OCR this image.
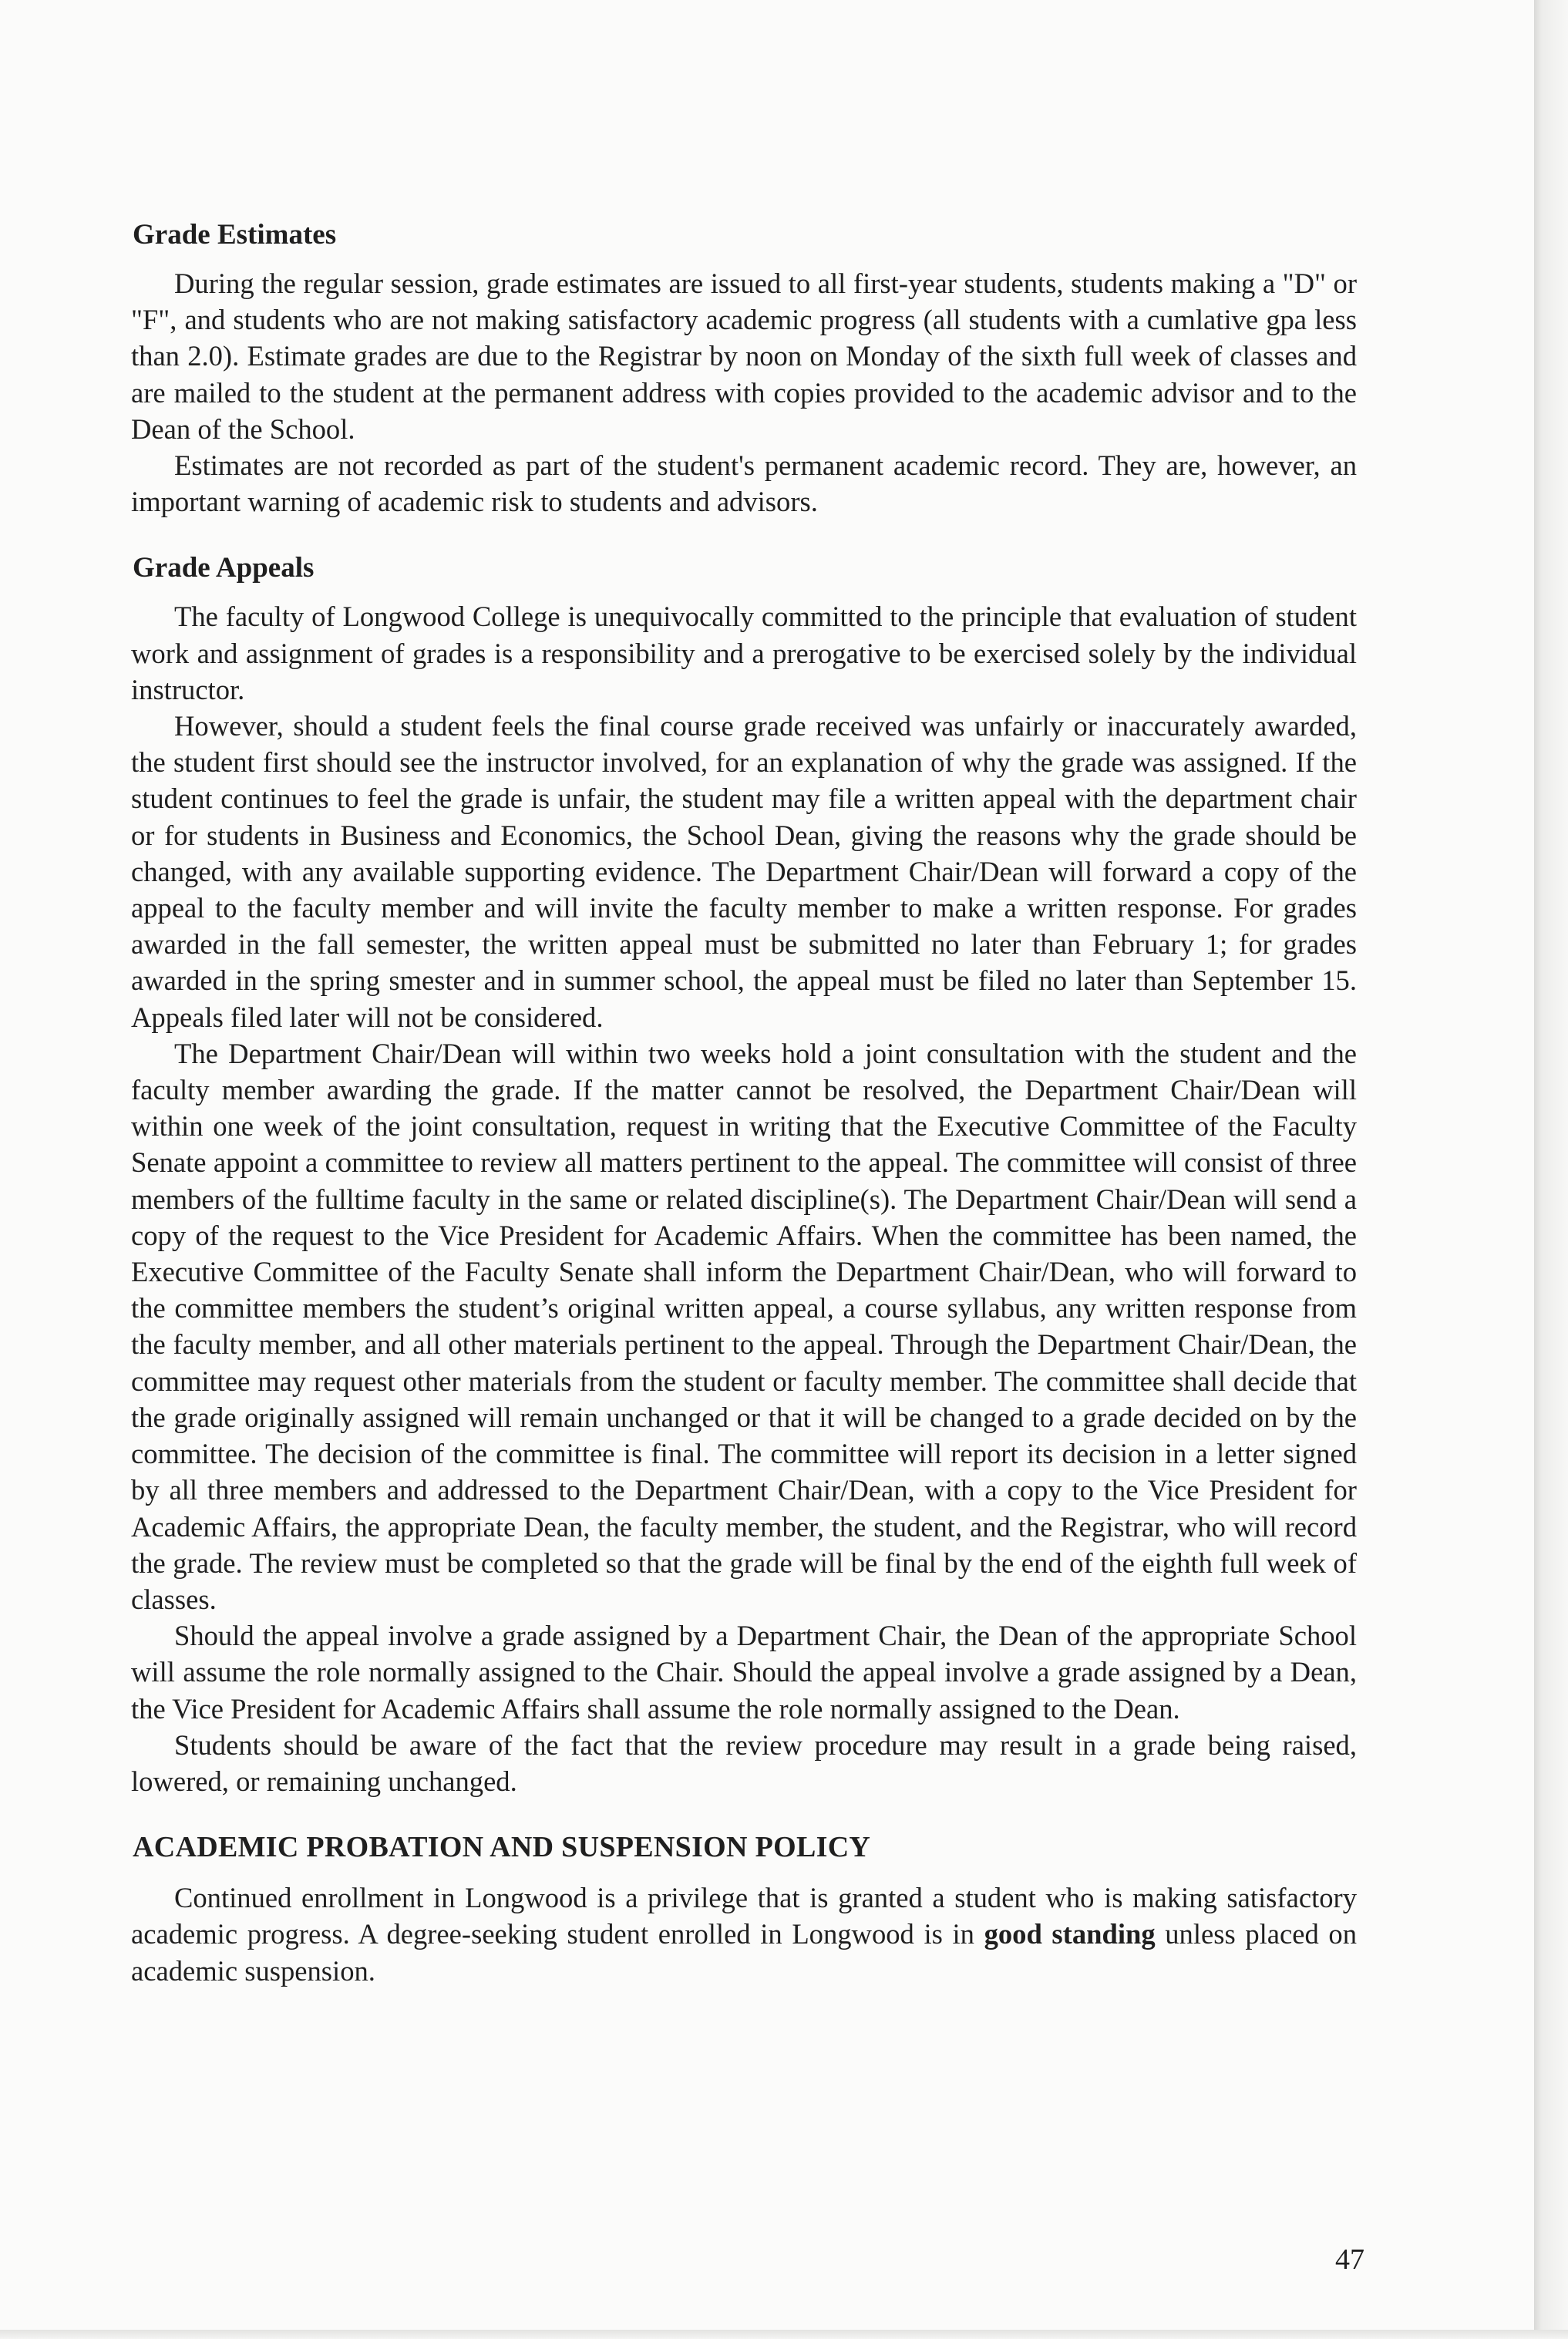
Grade Estimates

During the regular session, grade estimates are issued to all first-year students, students making a "D" or "F", and students who are not making satisfactory academic progress (all students with a cumlative gpa less than 2.0). Estimate grades are due to the Registrar by noon on Monday of the sixth full week of classes and are mailed to the student at the permanent address with copies provided to the academic advisor and to the Dean of the School.

Estimates are not recorded as part of the student's permanent academic record. They are, however, an important warning of academic risk to students and advisors.

Grade Appeals

The faculty of Longwood College is unequivocally committed to the principle that evaluation of student work and assignment of grades is a responsibility and a prerogative to be exercised solely by the individual instructor.

However, should a student feels the final course grade received was unfairly or inaccurately awarded, the student first should see the instructor involved, for an explanation of why the grade was assigned. If the student continues to feel the grade is unfair, the student may file a written appeal with the department chair or for students in Business and Economics, the School Dean, giving the reasons why the grade should be changed, with any available supporting evidence. The Department Chair/Dean will forward a copy of the appeal to the faculty member and will invite the faculty member to make a written response. For grades awarded in the fall semester, the written appeal must be submitted no later than February 1; for grades awarded in the spring smester and in summer school, the appeal must be filed no later than September 15. Appeals filed later will not be considered.

The Department Chair/Dean will within two weeks hold a joint consultation with the student and the faculty member awarding the grade. If the matter cannot be resolved, the Department Chair/Dean will within one week of the joint consultation, request in writing that the Executive Committee of the Faculty Senate appoint a committee to review all matters pertinent to the appeal. The committee will consist of three members of the fulltime faculty in the same or related discipline(s). The Department Chair/Dean will send a copy of the request to the Vice President for Academic Affairs. When the committee has been named, the Executive Committee of the Faculty Senate shall inform the Department Chair/Dean, who will forward to the committee members the student’s original written appeal, a course syllabus, any written response from the faculty member, and all other materials pertinent to the appeal. Through the Department Chair/Dean, the committee may request other materials from the student or faculty member. The committee shall decide that the grade originally assigned will remain unchanged or that it will be changed to a grade decided on by the committee. The decision of the committee is final. The committee will report its decision in a letter signed by all three members and addressed to the Department Chair/Dean, with a copy to the Vice President for Academic Affairs, the appropriate Dean, the faculty member, the student, and the Registrar, who will record the grade. The review must be completed so that the grade will be final by the end of the eighth full week of classes.

Should the appeal involve a grade assigned by a Department Chair, the Dean of the appropriate School will assume the role normally assigned to the Chair. Should the appeal involve a grade assigned by a Dean, the Vice President for Academic Affairs shall assume the role normally assigned to the Dean.

Students should be aware of the fact that the review procedure may result in a grade being raised, lowered, or remaining unchanged.

ACADEMIC PROBATION AND SUSPENSION POLICY

Continued enrollment in Longwood is a privilege that is granted a student who is making satisfactory academic progress. A degree-seeking student enrolled in Longwood is in good standing unless placed on academic suspension.

47
